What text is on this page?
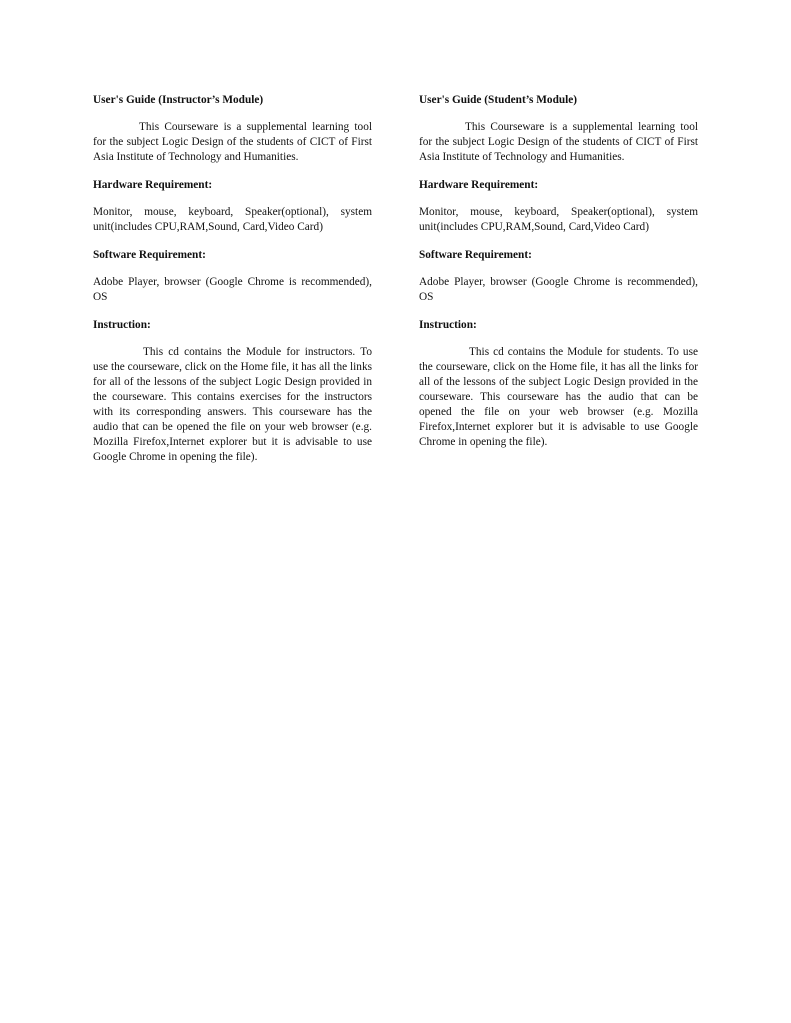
User's Guide (Instructor’s Module)

This Courseware is a supplemental learning tool for the subject Logic Design of the students of CICT of First Asia Institute of Technology and Humanities.

Hardware Requirement:

Monitor, mouse, keyboard, Speaker(optional), system unit(includes CPU,RAM,Sound, Card,Video Card)

Software Requirement:

Adobe Player, browser (Google Chrome is recommended), OS

Instruction:

This cd contains the Module for instructors. To use the courseware, click on the Home file, it has all the links for all of the lessons of the subject Logic Design provided in the courseware. This contains exercises for the instructors with its corresponding answers. This courseware has the audio that can be opened the file on your web browser (e.g. Mozilla Firefox,Internet explorer but it is advisable to use Google Chrome in opening the file).

User's Guide (Student’s Module)

This Courseware is a supplemental learning tool for the subject Logic Design of the students of CICT of First Asia Institute of Technology and Humanities.

Hardware Requirement:

Monitor, mouse, keyboard, Speaker(optional), system unit(includes CPU,RAM,Sound, Card,Video Card)

Software Requirement:

Adobe Player, browser (Google Chrome is recommended), OS

Instruction:

This cd contains the Module for students. To use the courseware, click on the Home file, it has all the links for all of the lessons of the subject Logic Design provided in the courseware. This courseware has the audio that can be opened the file on your web browser (e.g. Mozilla Firefox,Internet explorer but it is advisable to use Google Chrome in opening the file).
